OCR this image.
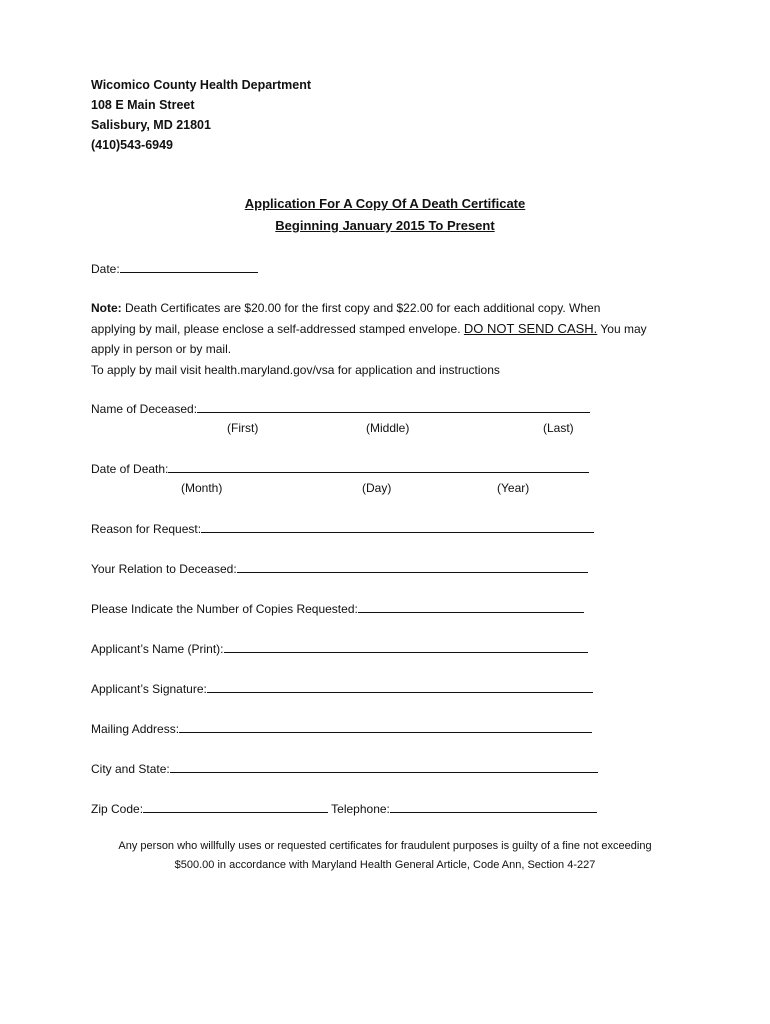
Wicomico County Health Department
108 E Main Street
Salisbury, MD 21801
(410)543-6949
Application For A Copy Of A Death Certificate
Beginning January 2015 To Present
Date:
Note: Death Certificates are $20.00 for the first copy and $22.00 for each additional copy. When
applying by mail, please enclose a self-addressed stamped envelope. DO NOT SEND CASH. You may
apply in person or by mail.
To apply by mail visit health.maryland.gov/vsa for application and instructions
Name of Deceased:
(First)	(Middle)	(Last)
Date of Death:
(Month)	(Day)	(Year)
Reason for Request:
Your Relation to Deceased:
Please Indicate the Number of Copies Requested:
Applicant’s Name (Print):
Applicant’s Signature:
Mailing Address:
City and State:
Zip Code:	Telephone:
Any person who willfully uses or requested certificates for fraudulent purposes is guilty of a fine not exceeding
$500.00 in accordance with Maryland Health General Article, Code Ann, Section 4-227
